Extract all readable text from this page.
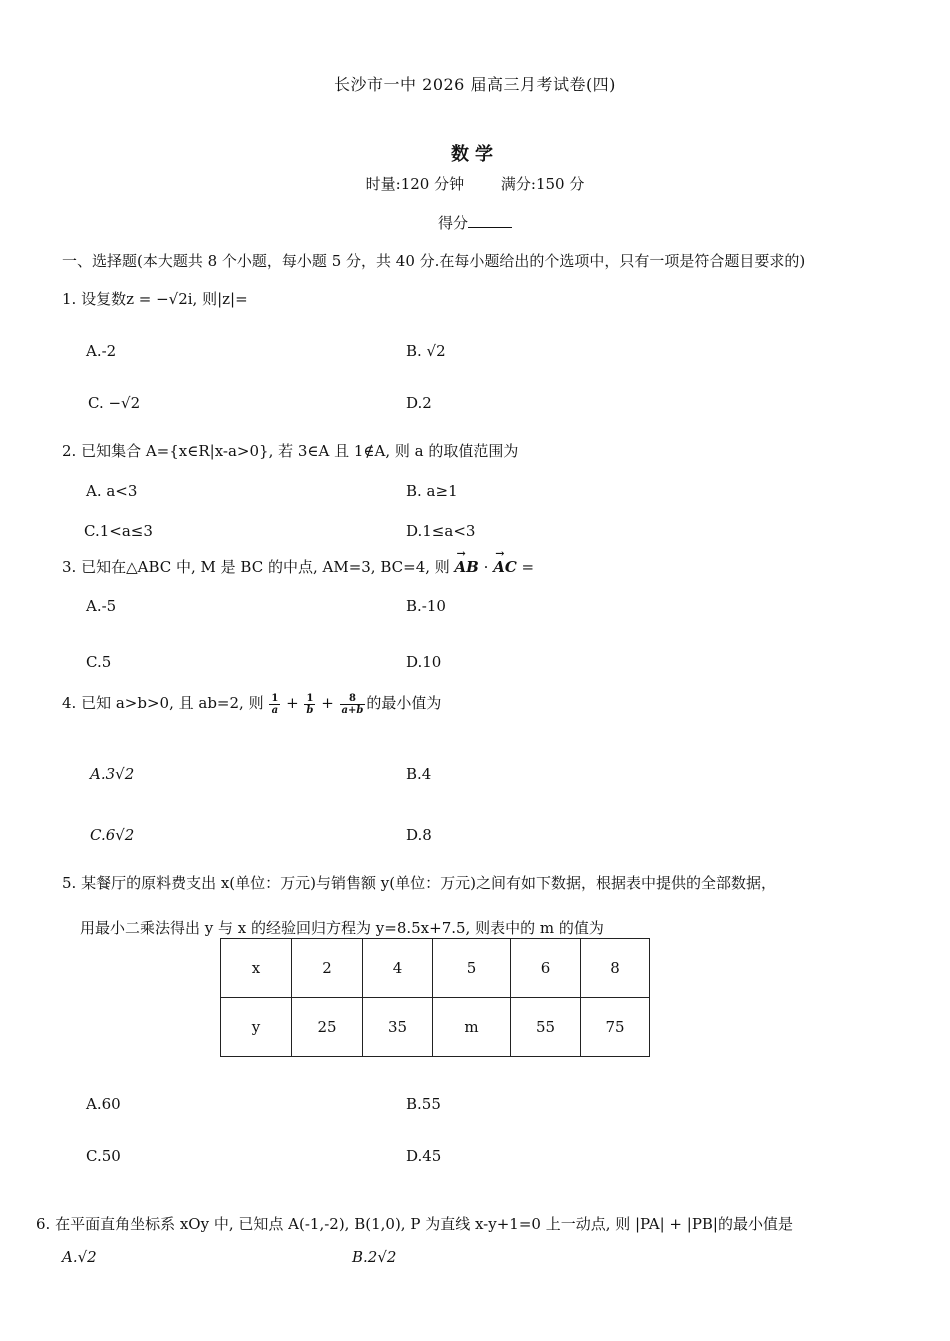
长沙市一中 2026 届高三月考试卷(四)
数学
时量:120 分钟 满分:150 分
得分
一、选择题(本大题共 8 个小题，每小题 5 分，共 40 分.在每小题给出的个选项中，只有一项是符合题目要求的)
1. 设复数z = −√2i, 则|z|=
A.-2	B. √2
C. −√2	D.2
2. 已知集合 A={x∈R|x-a>0}, 若 3∈A 且 1∉A, 则 a 的取值范围为
A. a<3	B. a≥1
C.1<a≤3	D.1≤a<3
3. 已知在△ABC 中, M 是 BC 的中点, AM=3, BC=4, 则 → AB · → AC =
A.-5	B.-10
C.5	D.10
4. 已知 a>b>0, 且 ab=2, 则 $\frac{1}{a} + \frac{1}{b} + \frac{8}{a+b}$ 的最小值为
A.3√2	B.4
C.6√2	D.8
5. 某餐厅的原料费支出 x(单位：万元)与销售额 y(单位：万元)之间有如下数据，根据表中提供的全部数据，
用最小二乘法得出 y 与 x 的经验回归方程为 y=8.5x+7.5, 则表中的 m 的值为
x	2	4	5	6	8
y	25	35	m	55	75
A.60	B.55
C.50	D.45
6. 在平面直角坐标系 xOy 中, 已知点 A(-1,-2), B(1,0), P 为直线 x-y+1=0 上一动点, 则 |PA| + |PB|的最小值是
A.√2	B.2√2
